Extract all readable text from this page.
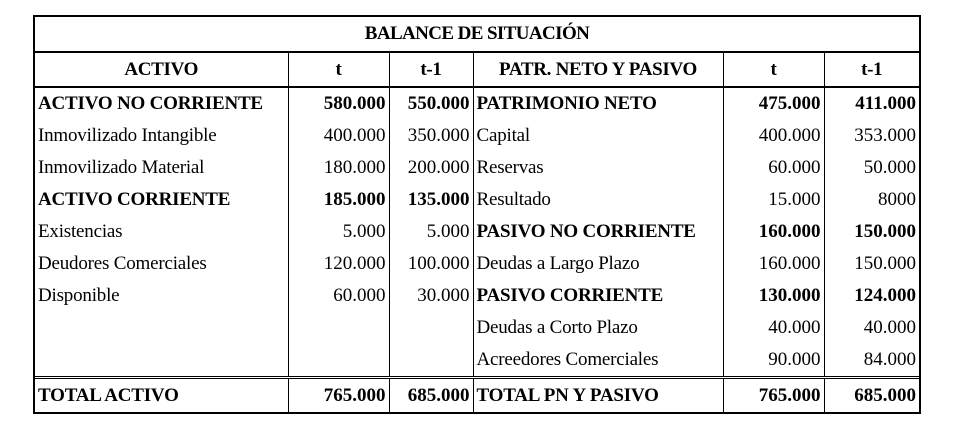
BALANCE DE SITUACIÓN
ACTIVO	t	t-1	PATR. NETO Y PASIVO	t	t-1
ACTIVO NO CORRIENTE	580.000	550.000	PATRIMONIO NETO	475.000	411.000
Inmovilizado Intangible	400.000	350.000	Capital	400.000	353.000
Inmovilizado Material	180.000	200.000	Reservas	60.000	50.000
ACTIVO CORRIENTE	185.000	135.000	Resultado	15.000	8000
Existencias	5.000	5.000	PASIVO NO CORRIENTE	160.000	150.000
Deudores Comerciales	120.000	100.000	Deudas a Largo Plazo	160.000	150.000
Disponible	60.000	30.000	PASIVO CORRIENTE	130.000	124.000
			Deudas a Corto Plazo	40.000	40.000
			Acreedores Comerciales	90.000	84.000
TOTAL ACTIVO	765.000	685.000	TOTAL PN Y PASIVO	765.000	685.000
